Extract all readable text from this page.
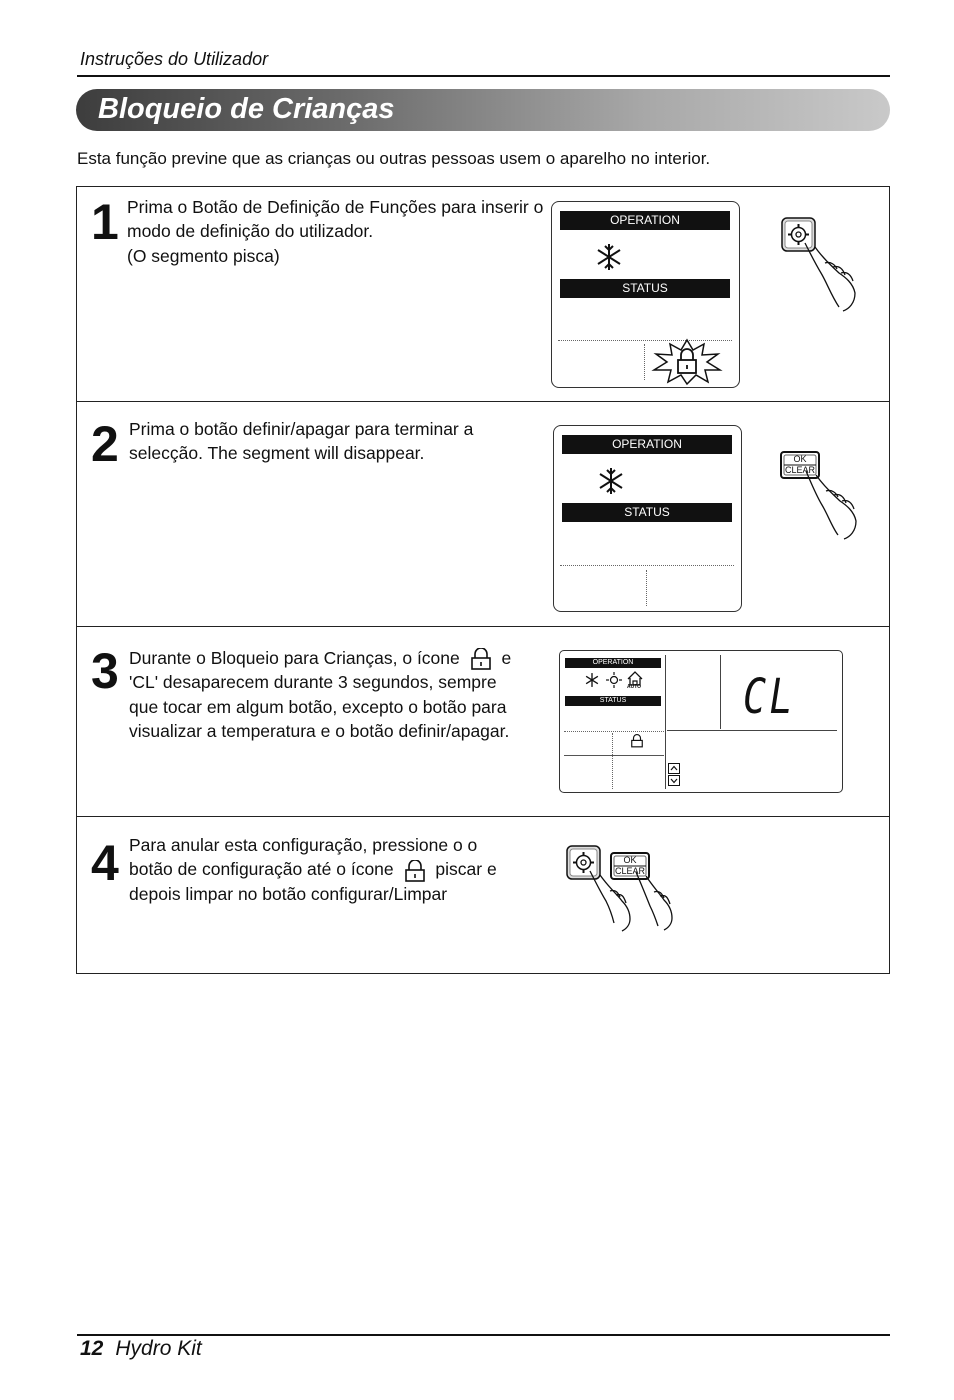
Instruções do Utilizador
Bloqueio de Crianças
Esta função previne que as crianças ou outras pessoas usem o aparelho no interior.
1 Prima o Botão de Definição de Funções para inserir o
modo de definição do utilizador.
(O segmento pisca)
OPERATION
STATUS
2 Prima o botão definir/apagar para terminar a
selecção. The segment will disappear.	OPERATION
STATUS
OK
CLEAR
3 Durante o Bloqueio para Crianças, o ícone e
'CL' desaparecem durante 3 segundos, sempre
que tocar em algum botão, excepto o botão para
visualizar a temperatura e o botão definir/apagar.
OPERATION
AUTO
STATUS	CL
4 Para anular esta configuração, pressione o o
botão de configuração até o ícone piscar e
depois limpar no botão configurar/Limpar
OK
CLEAR
12 Hydro Kit
